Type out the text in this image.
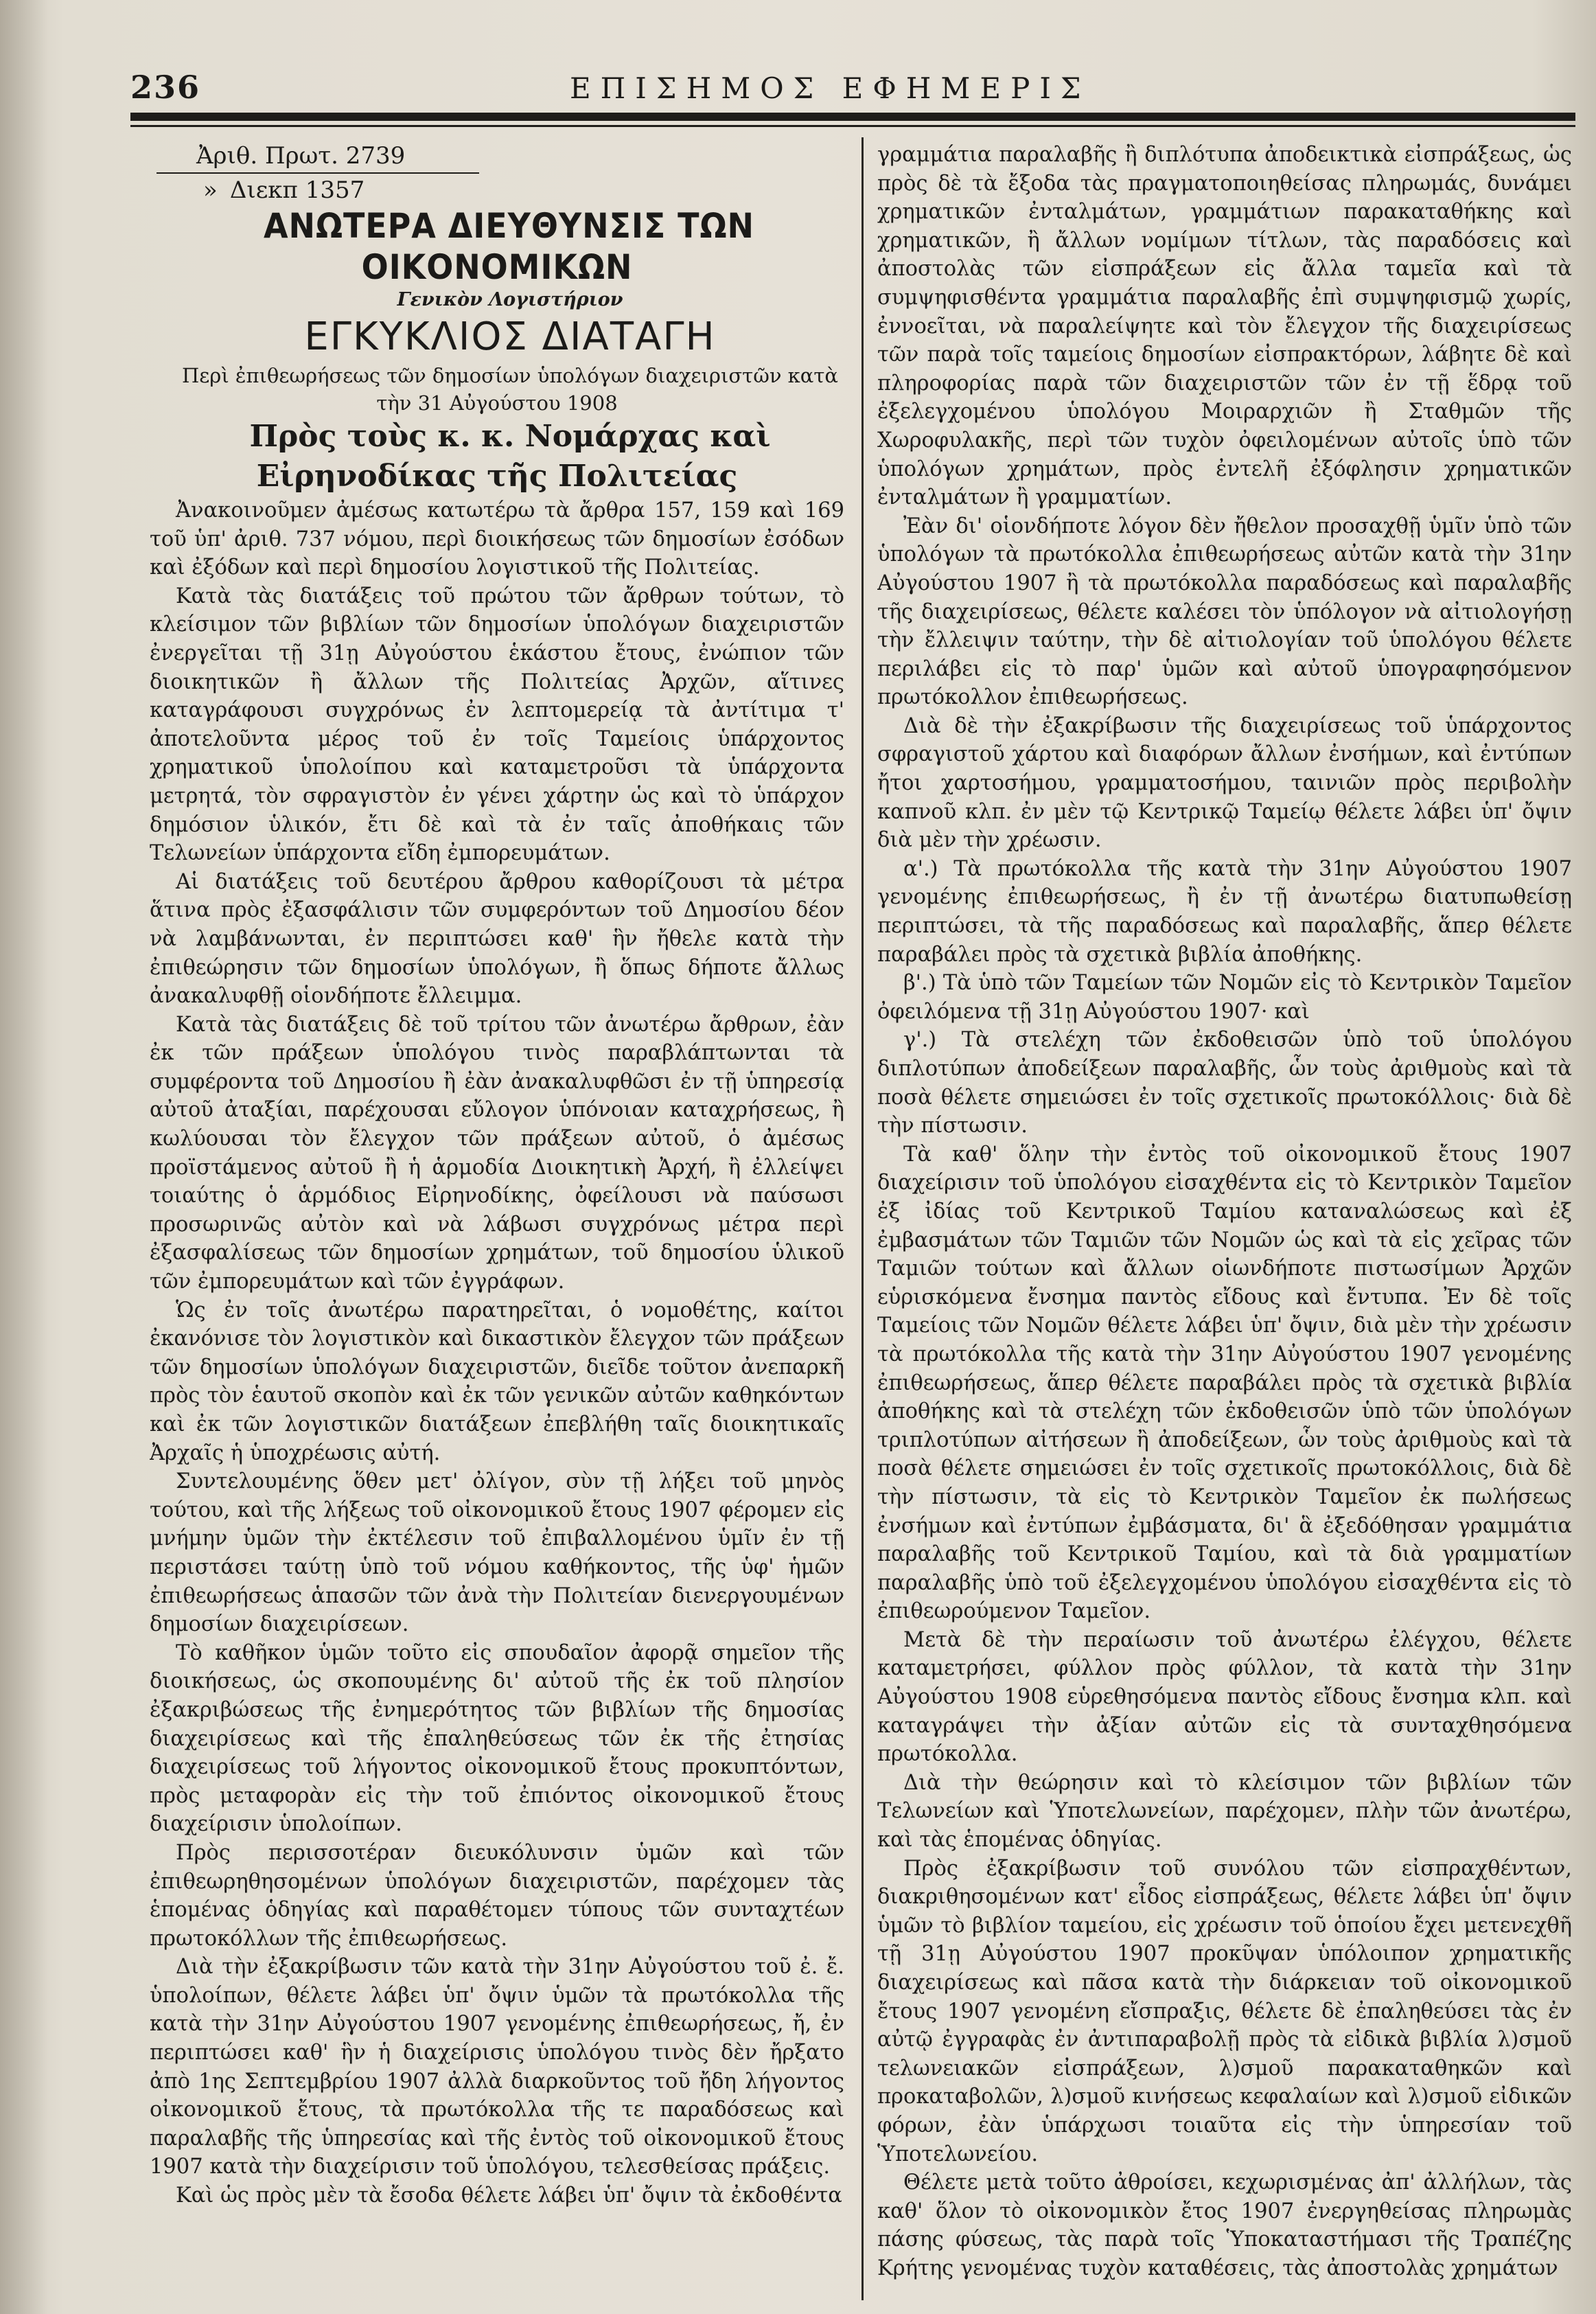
236	ΕΠΙΣΗΜΟΣ ΕΦΗΜΕΡΙΣ

Ἀριθ. Πρωτ. 2739

» Διεκπ 1357

ΑΝΩΤΕΡΑ ΔΙΕΥΘΥΝΣΙΣ ΤΩΝ ΟΙΚΟΝΟΜΙΚΩΝ

Γενικὸν Λογιστήριον

ΕΓΚΥΚΛΙΟΣ ΔΙΑΤΑΓΗ

Περὶ ἐπιθεωρήσεως τῶν δημοσίων ὑπολόγων διαχειριστῶν κατὰ τὴν 31 Αὐγούστου 1908

Πρὸς τοὺς κ. κ. Νομάρχας καὶ Εἰρηνοδίκας τῆς Πολιτείας

Ἀνακοινοῦμεν ἀμέσως κατωτέρω τὰ ἄρθρα 157, 159 καὶ 169 τοῦ ὑπ' ἀριθ. 737 νόμου, περὶ διοικήσεως τῶν δημοσίων ἐσόδων καὶ ἐξόδων καὶ περὶ δημοσίου λογιστικοῦ τῆς Πολιτείας.

Κατὰ τὰς διατάξεις τοῦ πρώτου τῶν ἄρθρων τούτων, τὸ κλείσιμον τῶν βιβλίων τῶν δημοσίων ὑπολόγων διαχειριστῶν ἐνεργεῖται τῇ 31ῃ Αὐγούστου ἑκάστου ἔτους, ἐνώπιον τῶν διοικητικῶν ἢ ἄλλων τῆς Πολιτείας Ἀρχῶν, αἵτινες καταγράφουσι συγχρόνως ἐν λεπτομερείᾳ τὰ ἀντίτιμα τ' ἀποτελοῦντα μέρος τοῦ ἐν τοῖς Ταμείοις ὑπάρχοντος χρηματικοῦ ὑπολοίπου καὶ καταμετροῦσι τὰ ὑπάρχοντα μετρητά, τὸν σφραγιστὸν ἐν γένει χάρτην ὡς καὶ τὸ ὑπάρχον δημόσιον ὑλικόν, ἔτι δὲ καὶ τὰ ἐν ταῖς ἀποθήκαις τῶν Τελωνείων ὑπάρχοντα εἴδη ἐμπορευμάτων.

Αἱ διατάξεις τοῦ δευτέρου ἄρθρου καθορίζουσι τὰ μέτρα ἅτινα πρὸς ἐξασφάλισιν τῶν συμφερόντων τοῦ Δημοσίου δέον νὰ λαμβάνωνται, ἐν περιπτώσει καθ' ἣν ἤθελε κατὰ τὴν ἐπιθεώρησιν τῶν δημοσίων ὑπολόγων, ἢ ὅπως δήποτε ἄλλως ἀνακαλυφθῇ οἱονδήποτε ἔλλειμμα.

Κατὰ τὰς διατάξεις δὲ τοῦ τρίτου τῶν ἀνωτέρω ἄρθρων, ἐὰν ἐκ τῶν πράξεων ὑπολόγου τινὸς παραβλάπτωνται τὰ συμφέροντα τοῦ Δημοσίου ἢ ἐὰν ἀνακαλυφθῶσι ἐν τῇ ὑπηρεσίᾳ αὐτοῦ ἀταξίαι, παρέχουσαι εὔλογον ὑπόνοιαν καταχρήσεως, ἢ κωλύουσαι τὸν ἔλεγχον τῶν πράξεων αὐτοῦ, ὁ ἀμέσως προϊστάμενος αὐτοῦ ἢ ἡ ἁρμοδία Διοικητικὴ Ἀρχή, ἢ ἐλλείψει τοιαύτης ὁ ἁρμόδιος Εἰρηνοδίκης, ὀφείλουσι νὰ παύσωσι προσωρινῶς αὐτὸν καὶ νὰ λάβωσι συγχρόνως μέτρα περὶ ἐξασφαλίσεως τῶν δημοσίων χρημάτων, τοῦ δημοσίου ὑλικοῦ τῶν ἐμπορευμάτων καὶ τῶν ἐγγράφων.

Ὡς ἐν τοῖς ἀνωτέρω παρατηρεῖται, ὁ νομοθέτης, καίτοι ἐκανόνισε τὸν λογιστικὸν καὶ δικαστικὸν ἔλεγχον τῶν πράξεων τῶν δημοσίων ὑπολόγων διαχειριστῶν, διεῖδε τοῦτον ἀνεπαρκῆ πρὸς τὸν ἑαυτοῦ σκοπὸν καὶ ἐκ τῶν γενικῶν αὐτῶν καθηκόντων καὶ ἐκ τῶν λογιστικῶν διατάξεων ἐπεβλήθη ταῖς διοικητικαῖς Ἀρχαῖς ἡ ὑποχρέωσις αὐτή.

Συντελουμένης ὅθεν μετ' ὀλίγον, σὺν τῇ λήξει τοῦ μηνὸς τούτου, καὶ τῆς λήξεως τοῦ οἰκονομικοῦ ἔτους 1907 φέρομεν εἰς μνήμην ὑμῶν τὴν ἐκτέλεσιν τοῦ ἐπιβαλλομένου ὑμῖν ἐν τῇ περιστάσει ταύτῃ ὑπὸ τοῦ νόμου καθήκοντος, τῆς ὑφ' ἡμῶν ἐπιθεωρήσεως ἁπασῶν τῶν ἀνὰ τὴν Πολιτείαν διενεργουμένων δημοσίων διαχειρίσεων.

Τὸ καθῆκον ὑμῶν τοῦτο εἰς σπουδαῖον ἀφορᾷ σημεῖον τῆς διοικήσεως, ὡς σκοπουμένης δι' αὐτοῦ τῆς ἐκ τοῦ πλησίον ἐξακριβώσεως τῆς ἐνημερότητος τῶν βιβλίων τῆς δημοσίας διαχειρίσεως καὶ τῆς ἐπαληθεύσεως τῶν ἐκ τῆς ἐτησίας διαχειρίσεως τοῦ λήγοντος οἰκονομικοῦ ἔτους προκυπτόντων, πρὸς μεταφορὰν εἰς τὴν τοῦ ἐπιόντος οἰκονομικοῦ ἔτους διαχείρισιν ὑπολοίπων.

Πρὸς περισσοτέραν διευκόλυνσιν ὑμῶν καὶ τῶν ἐπιθεωρηθησομένων ὑπολόγων διαχειριστῶν, παρέχομεν τὰς ἑπομένας ὁδηγίας καὶ παραθέτομεν τύπους τῶν συνταχτέων πρωτοκόλλων τῆς ἐπιθεωρήσεως.

Διὰ τὴν ἐξακρίβωσιν τῶν κατὰ τὴν 31ην Αὐγούστου τοῦ ἐ. ἔ. ὑπολοίπων, θέλετε λάβει ὑπ' ὄψιν ὑμῶν τὰ πρωτόκολλα τῆς κατὰ τὴν 31ην Αὐγούστου 1907 γενομένης ἐπιθεωρήσεως, ἤ, ἐν περιπτώσει καθ' ἣν ἡ διαχείρισις ὑπολόγου τινὸς δὲν ἤρξατο ἀπὸ 1ης Σεπτεμβρίου 1907 ἀλλὰ διαρκοῦντος τοῦ ἤδη λήγοντος οἰκονομικοῦ ἔτους, τὰ πρωτόκολλα τῆς τε παραδόσεως καὶ παραλαβῆς τῆς ὑπηρεσίας καὶ τῆς ἐντὸς τοῦ οἰκονομικοῦ ἔτους 1907 κατὰ τὴν διαχείρισιν τοῦ ὑπολόγου, τελεσθείσας πράξεις.

Καὶ ὡς πρὸς μὲν τὰ ἔσοδα θέλετε λάβει ὑπ' ὄψιν τὰ ἐκδοθέντα

γραμμάτια παραλαβῆς ἢ διπλότυπα ἀποδεικτικὰ εἰσπράξεως, ὡς πρὸς δὲ τὰ ἔξοδα τὰς πραγματοποιηθείσας πληρωμάς, δυνάμει χρηματικῶν ἐνταλμάτων, γραμμάτιων παρακαταθήκης καὶ χρηματικῶν, ἢ ἄλλων νομίμων τίτλων, τὰς παραδόσεις καὶ ἀποστολὰς τῶν εἰσπράξεων εἰς ἄλλα ταμεῖα καὶ τὰ συμψηφισθέντα γραμμάτια παραλαβῆς ἐπὶ συμψηφισμῷ χωρίς, ἐννοεῖται, νὰ παραλείψητε καὶ τὸν ἔλεγχον τῆς διαχειρίσεως τῶν παρὰ τοῖς ταμείοις δημοσίων εἰσπρακτόρων, λάβητε δὲ καὶ πληροφορίας παρὰ τῶν διαχειριστῶν τῶν ἐν τῇ ἕδρᾳ τοῦ ἐξελεγχομένου ὑπολόγου Μοιραρχιῶν ἢ Σταθμῶν τῆς Χωροφυλακῆς, περὶ τῶν τυχὸν ὀφειλομένων αὐτοῖς ὑπὸ τῶν ὑπολόγων χρημάτων, πρὸς ἐντελῆ ἐξόφλησιν χρηματικῶν ἐνταλμάτων ἢ γραμματίων.

Ἐὰν δι' οἱονδήποτε λόγον δὲν ἤθελον προσαχθῇ ὑμῖν ὑπὸ τῶν ὑπολόγων τὰ πρωτόκολλα ἐπιθεωρήσεως αὐτῶν κατὰ τὴν 31ην Αὐγούστου 1907 ἢ τὰ πρωτόκολλα παραδόσεως καὶ παραλαβῆς τῆς διαχειρίσεως, θέλετε καλέσει τὸν ὑπόλογον νὰ αἰτιολογήσῃ τὴν ἔλλειψιν ταύτην, τὴν δὲ αἰτιολογίαν τοῦ ὑπολόγου θέλετε περιλάβει εἰς τὸ παρ' ὑμῶν καὶ αὐτοῦ ὑπογραφησόμενον πρωτόκολλον ἐπιθεωρήσεως.

Διὰ δὲ τὴν ἐξακρίβωσιν τῆς διαχειρίσεως τοῦ ὑπάρχοντος σφραγιστοῦ χάρτου καὶ διαφόρων ἄλλων ἐνσήμων, καὶ ἐντύπων ἤτοι χαρτοσήμου, γραμματοσήμου, ταινιῶν πρὸς περιβολὴν καπνοῦ κλπ. ἐν μὲν τῷ Κεντρικῷ Ταμείῳ θέλετε λάβει ὑπ' ὄψιν διὰ μὲν τὴν χρέωσιν.

α'.) Τὰ πρωτόκολλα τῆς κατὰ τὴν 31ην Αὐγούστου 1907 γενομένης ἐπιθεωρήσεως, ἢ ἐν τῇ ἀνωτέρω διατυπωθείσῃ περιπτώσει, τὰ τῆς παραδόσεως καὶ παραλαβῆς, ἅπερ θέλετε παραβάλει πρὸς τὰ σχετικὰ βιβλία ἀποθήκης.

β'.) Τὰ ὑπὸ τῶν Ταμείων τῶν Νομῶν εἰς τὸ Κεντρικὸν Ταμεῖον ὀφειλόμενα τῇ 31ῃ Αὐγούστου 1907· καὶ

γ'.) Τὰ στελέχη τῶν ἐκδοθεισῶν ὑπὸ τοῦ ὑπολόγου διπλοτύπων ἀποδείξεων παραλαβῆς, ὧν τοὺς ἀριθμοὺς καὶ τὰ ποσὰ θέλετε σημειώσει ἐν τοῖς σχετικοῖς πρωτοκόλλοις· διὰ δὲ τὴν πίστωσιν.

Τὰ καθ' ὅλην τὴν ἐντὸς τοῦ οἰκονομικοῦ ἔτους 1907 διαχείρισιν τοῦ ὑπολόγου εἰσαχθέντα εἰς τὸ Κεντρικὸν Ταμεῖον ἐξ ἰδίας τοῦ Κεντρικοῦ Ταμίου καταναλώσεως καὶ ἐξ ἐμβασμάτων τῶν Ταμιῶν τῶν Νομῶν ὡς καὶ τὰ εἰς χεῖρας τῶν Ταμιῶν τούτων καὶ ἄλλων οἱωνδήποτε πιστωσίμων Ἀρχῶν εὑρισκόμενα ἔνσημα παντὸς εἴδους καὶ ἔντυπα. Ἐν δὲ τοῖς Ταμείοις τῶν Νομῶν θέλετε λάβει ὑπ' ὄψιν, διὰ μὲν τὴν χρέωσιν τὰ πρωτόκολλα τῆς κατὰ τὴν 31ην Αὐγούστου 1907 γενομένης ἐπιθεωρήσεως, ἅπερ θέλετε παραβάλει πρὸς τὰ σχετικὰ βιβλία ἀποθήκης καὶ τὰ στελέχη τῶν ἐκδοθεισῶν ὑπὸ τῶν ὑπολόγων τριπλοτύπων αἰτήσεων ἢ ἀποδείξεων, ὧν τοὺς ἀριθμοὺς καὶ τὰ ποσὰ θέλετε σημειώσει ἐν τοῖς σχετικοῖς πρωτοκόλλοις, διὰ δὲ τὴν πίστωσιν, τὰ εἰς τὸ Κεντρικὸν Ταμεῖον ἐκ πωλήσεως ἐνσήμων καὶ ἐντύπων ἐμβάσματα, δι' ἃ ἐξεδόθησαν γραμμάτια παραλαβῆς τοῦ Κεντρικοῦ Ταμίου, καὶ τὰ διὰ γραμματίων παραλαβῆς ὑπὸ τοῦ ἐξελεγχομένου ὑπολόγου εἰσαχθέντα εἰς τὸ ἐπιθεωρούμενον Ταμεῖον.

Μετὰ δὲ τὴν περαίωσιν τοῦ ἀνωτέρω ἐλέγχου, θέλετε καταμετρήσει, φύλλον πρὸς φύλλον, τὰ κατὰ τὴν 31ην Αὐγούστου 1908 εὑρεθησόμενα παντὸς εἴδους ἔνσημα κλπ. καὶ καταγράψει τὴν ἀξίαν αὐτῶν εἰς τὰ συνταχθησόμενα πρωτόκολλα.

Διὰ τὴν θεώρησιν καὶ τὸ κλείσιμον τῶν βιβλίων τῶν Τελωνείων καὶ Ὑποτελωνείων, παρέχομεν, πλὴν τῶν ἀνωτέρω, καὶ τὰς ἑπομένας ὁδηγίας.

Πρὸς ἐξακρίβωσιν τοῦ συνόλου τῶν εἰσπραχθέντων, διακριθησομένων κατ' εἶδος εἰσπράξεως, θέλετε λάβει ὑπ' ὄψιν ὑμῶν τὸ βιβλίον ταμείου, εἰς χρέωσιν τοῦ ὁποίου ἔχει μετενεχθῆ τῇ 31ῃ Αὐγούστου 1907 προκῦψαν ὑπόλοιπον χρηματικῆς διαχειρίσεως καὶ πᾶσα κατὰ τὴν διάρκειαν τοῦ οἰκονομικοῦ ἔτους 1907 γενομένη εἴσπραξις, θέλετε δὲ ἐπαληθεύσει τὰς ἐν αὐτῷ ἐγγραφὰς ἐν ἀντιπαραβολῇ πρὸς τὰ εἰδικὰ βιβλία λ)σμοῦ τελωνειακῶν εἰσπράξεων, λ)σμοῦ παρακαταθηκῶν καὶ προκαταβολῶν, λ)σμοῦ κινήσεως κεφαλαίων καὶ λ)σμοῦ εἰδικῶν φόρων, ἐὰν ὑπάρχωσι τοιαῦτα εἰς τὴν ὑπηρεσίαν τοῦ Ὑποτελωνείου.

Θέλετε μετὰ τοῦτο ἀθροίσει, κεχωρισμένας ἀπ' ἀλλήλων, τὰς καθ' ὅλον τὸ οἰκονομικὸν ἔτος 1907 ἐνεργηθείσας πληρωμὰς πάσης φύσεως, τὰς παρὰ τοῖς Ὑποκαταστήμασι τῆς Τραπέζης Κρήτης γενομένας τυχὸν καταθέσεις, τὰς ἀποστολὰς χρημάτων
